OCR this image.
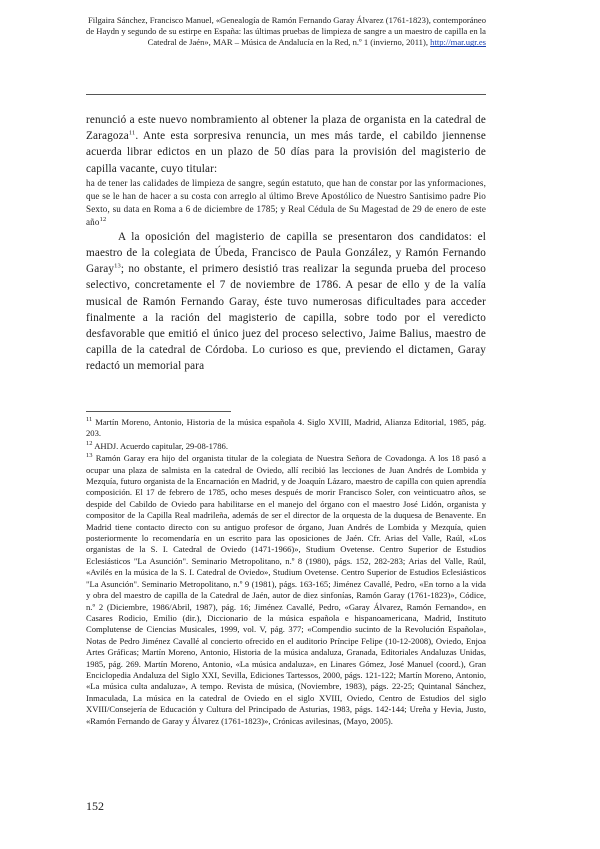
Filgaira Sánchez, Francisco Manuel, «Genealogía de Ramón Fernando Garay Álvarez (1761-1823), contemporáneo de Haydn y segundo de su estirpe en España: las últimas pruebas de limpieza de sangre a un maestro de capilla en la Catedral de Jaén», MAR – Música de Andalucía en la Red, n.º 1 (invierno, 2011), http://mar.ugr.es

renunció a este nuevo nombramiento al obtener la plaza de organista en la catedral de Zaragoza$^{11}$. Ante esta sorpresiva renuncia, un mes más tarde, el cabildo jiennense acuerda librar edictos en un plazo de 50 días para la provisión del magisterio de capilla vacante, cuyo titular:

ha de tener las calidades de limpieza de sangre, según estatuto, que han de constar por las ynformaciones, que se le han de hacer a su costa con arreglo al último Breve Apostólico de Nuestro Santisimo padre Pio Sexto, su data en Roma a 6 de diciembre de 1785; y Real Cédula de Su Magestad de 29 de enero de este año$^{12}$

A la oposición del magisterio de capilla se presentaron dos candidatos: el maestro de la colegiata de Úbeda, Francisco de Paula González, y Ramón Fernando Garay$^{13}$; no obstante, el primero desistió tras realizar la segunda prueba del proceso selectivo, concretamente el 7 de noviembre de 1786. A pesar de ello y de la valía musical de Ramón Fernando Garay, éste tuvo numerosas dificultades para acceder finalmente a la ración del magisterio de capilla, sobre todo por el veredicto desfavorable que emitió el único juez del proceso selectivo, Jaime Balius, maestro de capilla de la catedral de Córdoba. Lo curioso es que, previendo el dictamen, Garay redactó un memorial para

$^{11}$ Martín Moreno, Antonio, Historia de la música española 4. Siglo XVIII, Madrid, Alianza Editorial, 1985, pág. 203.

$^{12}$ AHDJ. Acuerdo capitular, 29-08-1786.

$^{13}$ Ramón Garay era hijo del organista titular de la colegiata de Nuestra Señora de Covadonga. A los 18 pasó a ocupar una plaza de salmista en la catedral de Oviedo, allí recibió las lecciones de Juan Andrés de Lombida y Mezquía, futuro organista de la Encarnación en Madrid, y de Joaquín Lázaro, maestro de capilla con quien aprendía composición. El 17 de febrero de 1785, ocho meses después de morir Francisco Soler, con veinticuatro años, se despide del Cabildo de Oviedo para habilitarse en el manejo del órgano con el maestro José Lidón, organista y compositor de la Capilla Real madrileña, además de ser el director de la orquesta de la duquesa de Benavente. En Madrid tiene contacto directo con su antiguo profesor de órgano, Juan Andrés de Lombida y Mezquía, quien posteriormente lo recomendaría en un escrito para las oposiciones de Jaén. Cfr. Arias del Valle, Raúl, «Los organistas de la S. I. Catedral de Oviedo (1471-1966)», Studium Ovetense. Centro Superior de Estudios Eclesiásticos "La Asunción". Seminario Metropolitano, n.º 8 (1980), págs. 152, 282-283; Arias del Valle, Raúl, «Avilés en la música de la S. I. Catedral de Oviedo», Studium Ovetense. Centro Superior de Estudios Eclesiásticos "La Asunción". Seminario Metropolitano, n.º 9 (1981), págs. 163-165; Jiménez Cavallé, Pedro, «En torno a la vida y obra del maestro de capilla de la Catedral de Jaén, autor de diez sinfonías, Ramón Garay (1761-1823)», Códice, n.º 2 (Diciembre, 1986/Abril, 1987), pág. 16; Jiménez Cavallé, Pedro, «Garay Álvarez, Ramón Fernando», en Casares Rodicio, Emilio (dir.), Diccionario de la música española e hispanoamericana, Madrid, Instituto Complutense de Ciencias Musicales, 1999, vol. V, pág. 377; «Compendio sucinto de la Revolución Española», Notas de Pedro Jiménez Cavallé al concierto ofrecido en el auditorio Príncipe Felipe (10-12-2008), Oviedo, Enjoa Artes Gráficas; Martín Moreno, Antonio, Historia de la música andaluza, Granada, Editoriales Andaluzas Unidas, 1985, pág. 269. Martín Moreno, Antonio, «La música andaluza», en Linares Gómez, José Manuel (coord.), Gran Enciclopedia Andaluza del Siglo XXI, Sevilla, Ediciones Tartessos, 2000, págs. 121-122; Martín Moreno, Antonio, «La música culta andaluza», A tempo. Revista de música, (Noviembre, 1983), págs. 22-25; Quintanal Sánchez, Inmaculada, La música en la catedral de Oviedo en el siglo XVIII, Oviedo, Centro de Estudios del siglo XVIII/Consejería de Educación y Cultura del Principado de Asturias, 1983, págs. 142-144; Ureña y Hevia, Justo, «Ramón Fernando de Garay y Álvarez (1761-1823)», Crónicas avilesinas, (Mayo, 2005).

152
